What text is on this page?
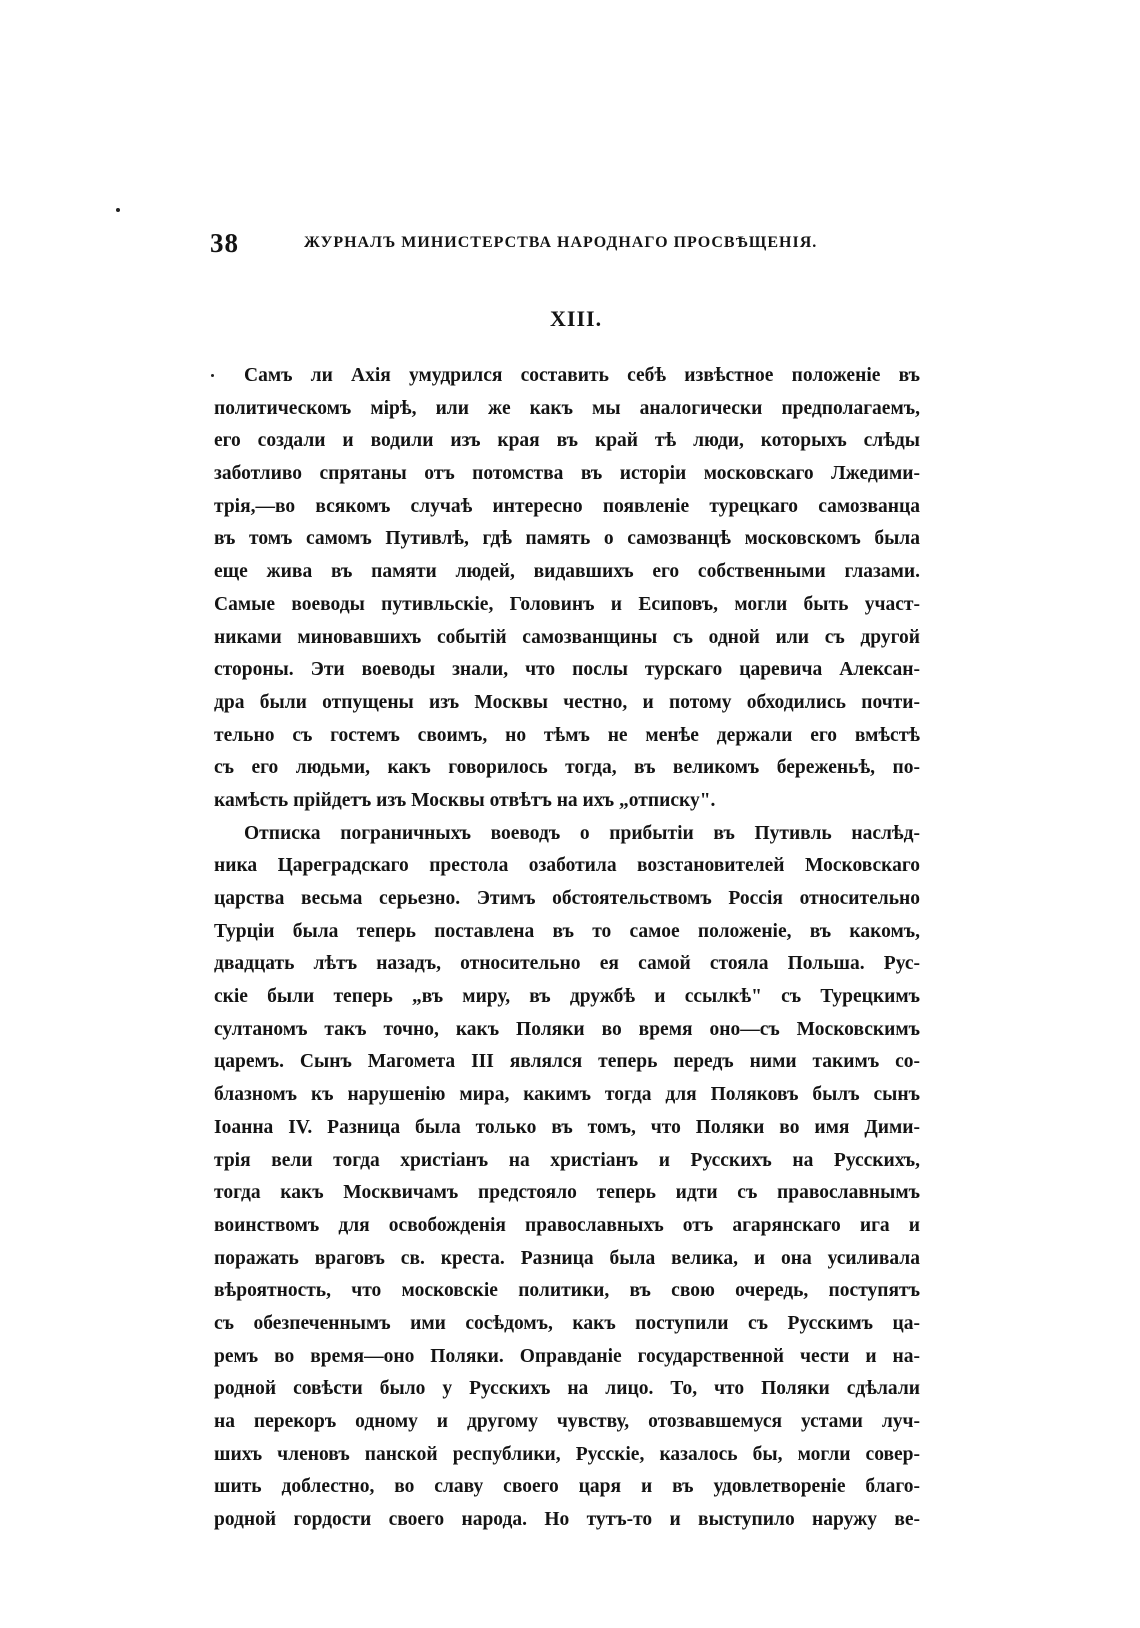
38	ЖУРНАЛЪ МИНИСТЕРСТВА НАРОДНАГО ПРОСВѢЩЕНІЯ.
XIII.
Самъ ли Ахія умудрился составить себѣ извѣстное положеніе въ
политическомъ мірѣ, или же какъ мы аналогически предполагаемъ,
его создали и водили изъ края въ край тѣ люди, которыхъ слѣды
заботливо спрятаны отъ потомства въ исторіи московскаго Лжедими-
трія,—во всякомъ случаѣ интересно появленіе турецкаго самозванца
въ томъ самомъ Путивлѣ, гдѣ память о самозванцѣ московскомъ была
еще жива въ памяти людей, видавшихъ его собственными глазами.
Самые воеводы путивльскіе, Головинъ и Есиповъ, могли быть участ-
никами миновавшихъ событій самозванщины съ одной или съ другой
стороны. Эти воеводы знали, что послы турскаго царевича Алексан-
дра были отпущены изъ Москвы честно, и потому обходились почти-
тельно съ гостемъ своимъ, но тѣмъ не менѣе держали его вмѣстѣ
съ его людьми, какъ говорилось тогда, въ великомъ береженьѣ, по-
камѣсть прійдетъ изъ Москвы отвѣтъ на ихъ „отписку".
Отписка пограничныхъ воеводъ о прибытіи въ Путивль наслѣд-
ника Цареградскаго престола озаботила возстановителей Московскаго
царства весьма серьезно. Этимъ обстоятельствомъ Россія относительно
Турціи была теперь поставлена въ то самое положеніе, въ какомъ,
двадцать лѣтъ назадъ, относительно ея самой стояла Польша. Рус-
скіе были теперь „въ миру, въ дружбѣ и ссылкѣ" съ Турецкимъ
султаномъ такъ точно, какъ Поляки во время оно—съ Московскимъ
царемъ. Сынъ Магомета III являлся теперь передъ ними такимъ со-
блазномъ къ нарушенію мира, какимъ тогда для Поляковъ былъ сынъ
Іоанна IV. Разница была только въ томъ, что Поляки во имя Дими-
трія вели тогда христіанъ на христіанъ и Русскихъ на Русскихъ,
тогда какъ Москвичамъ предстояло теперь идти съ православнымъ
воинствомъ для освобожденія православныхъ отъ агарянскаго ига и
поражать враговъ св. креста. Разница была велика, и она усиливала
вѣроятность, что московскіе политики, въ свою очередь, поступятъ
съ обезпеченнымъ ими сосѣдомъ, какъ поступили съ Русскимъ ца-
ремъ во время—оно Поляки. Оправданіе государственной чести и на-
родной совѣсти было у Русскихъ на лицо. То, что Поляки сдѣлали
на перекоръ одному и другому чувству, отозвавшемуся устами луч-
шихъ членовъ панской республики, Русскіе, казалось бы, могли совер-
шить доблестно, во славу своего царя и въ удовлетвореніе благо-
родной гордости своего народа. Но тутъ-то и выступило наружу ве-
